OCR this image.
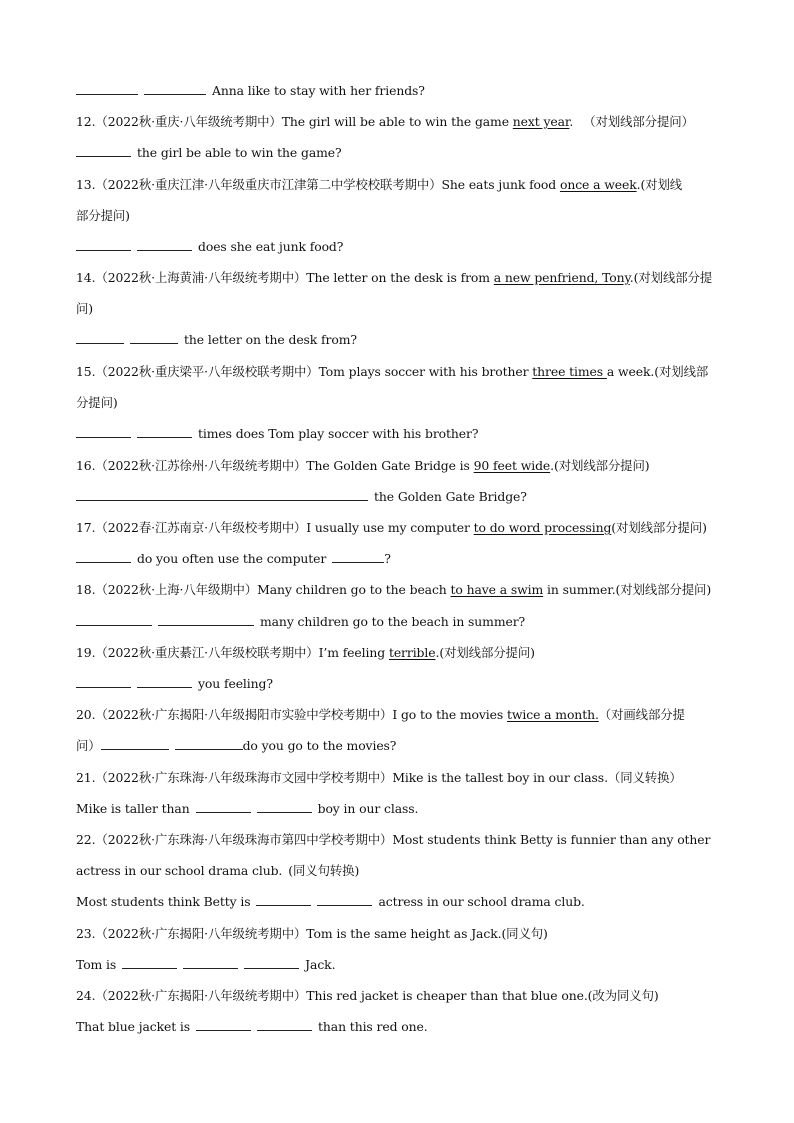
Anna like to stay with her friends?
12.（2022秋·重庆·八年级统考期中）The girl will be able to win the game next year. （对划线部分提问）
the girl be able to win the game?
13.（2022秋·重庆江津·八年级重庆市江津第二中学校校联考期中）She eats junk food once a week.(对划线
部分提问)
does she eat junk food?
14.（2022秋·上海黄浦·八年级统考期中）The letter on the desk is from a new penfriend, Tony.(对划线部分提
问)
the letter on the desk from?
15.（2022秋·重庆梁平·八年级校联考期中）Tom plays soccer with his brother three times a week.(对划线部
分提问)
times does Tom play soccer with his brother?
16.（2022秋·江苏徐州·八年级统考期中）The Golden Gate Bridge is 90 feet wide.(对划线部分提问)
the Golden Gate Bridge?
17.（2022春·江苏南京·八年级校考期中）I usually use my computer to do word processing(对划线部分提问)
do you often use the computer	?
18.（2022秋·上海·八年级期中）Many children go to the beach to have a swim in summer.(对划线部分提问)
many children go to the beach in summer?
19.（2022秋·重庆綦江·八年级校联考期中）I’m feeling terrible.(对划线部分提问)
you feeling?
20.（2022秋·广东揭阳·八年级揭阳市实验中学校考期中）I go to the movies twice a month.（对画线部分提
问）	do you go to the movies?
21.（2022秋·广东珠海·八年级珠海市文园中学校考期中）Mike is the tallest boy in our class.（同义转换）
Mike is taller than	boy in our class.
22.（2022秋·广东珠海·八年级珠海市第四中学校考期中）Most students think Betty is funnier than any other
actress in our school drama club. (同义句转换)
Most students think Betty is	actress in our school drama club.
23.（2022秋·广东揭阳·八年级统考期中）Tom is the same height as Jack.(同义句)
Tom is	Jack.
24.（2022秋·广东揭阳·八年级统考期中）This red jacket is cheaper than that blue one.(改为同义句)
That blue jacket is	than this red one.
